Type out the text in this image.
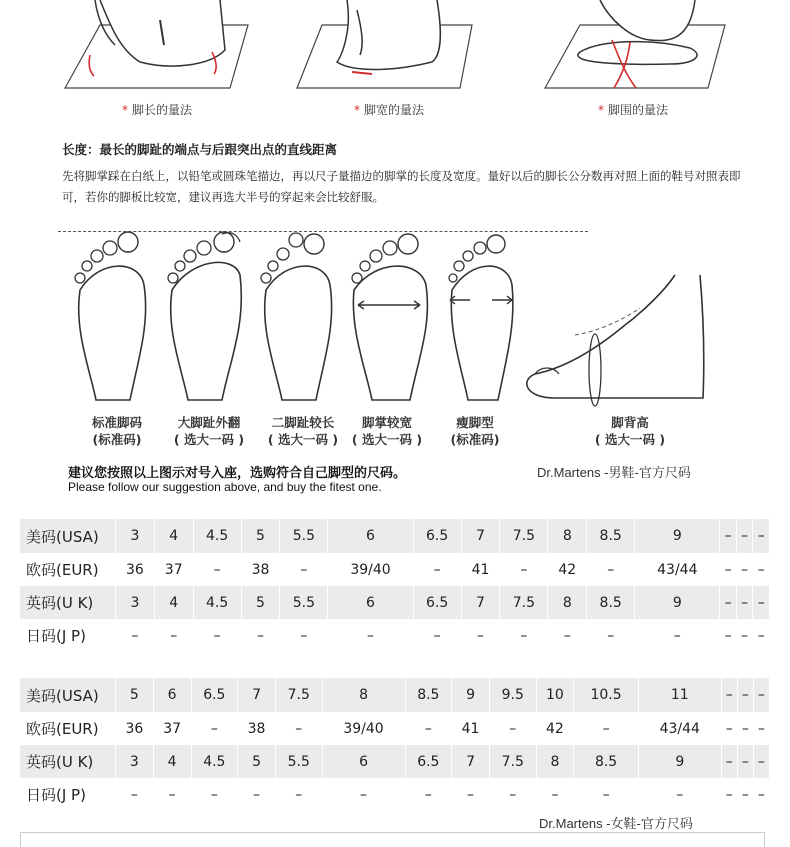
* 脚长的量法	* 脚宽的量法	* 脚围的量法
长度：最长的脚趾的端点与后跟突出点的直线距离
先将脚掌踩在白纸上，以铅笔或圆珠笔描边，再以尺子量描边的脚掌的长度及宽度。量好以后的脚长公分数再对照上面的鞋号对照表即可，若你的脚板比较宽，建议再选大半号的穿起来会比较舒服。
标准脚码
(标准码)
大脚趾外翻
( 选大一码 )
二脚趾较长
( 选大一码 )
脚掌较宽
( 选大一码 )
瘦脚型
(标准码)
脚背高
( 选大一码 )
建议您按照以上图示对号入座，选购符合自己脚型的尺码。
Please follow our suggestion above, and buy the fitest one.
Dr.Martens -男鞋-官方尺码
美码(USA)	3	4	4.5	5	5.5	6	6.5	7	7.5	8	8.5	9	–	–	–
欧码(EUR)	36	37	–	38	–	39/40	–	41	–	42	–	43/44	–	–	–
英码(U K)	3	4	4.5	5	5.5	6	6.5	7	7.5	8	8.5	9	–	–	–
日码(J P)	–	–	–	–	–	–	–	–	–	–	–	–	–	–	–
美码(USA)	5	6	6.5	7	7.5	8	8.5	9	9.5	10	10.5	11	–	–	–
欧码(EUR)	36	37	–	38	–	39/40	–	41	–	42	–	43/44	–	–	–
英码(U K)	3	4	4.5	5	5.5	6	6.5	7	7.5	8	8.5	9	–	–	–
日码(J P)	–	–	–	–	–	–	–	–	–	–	–	–	–	–	–
Dr.Martens -女鞋-官方尺码
